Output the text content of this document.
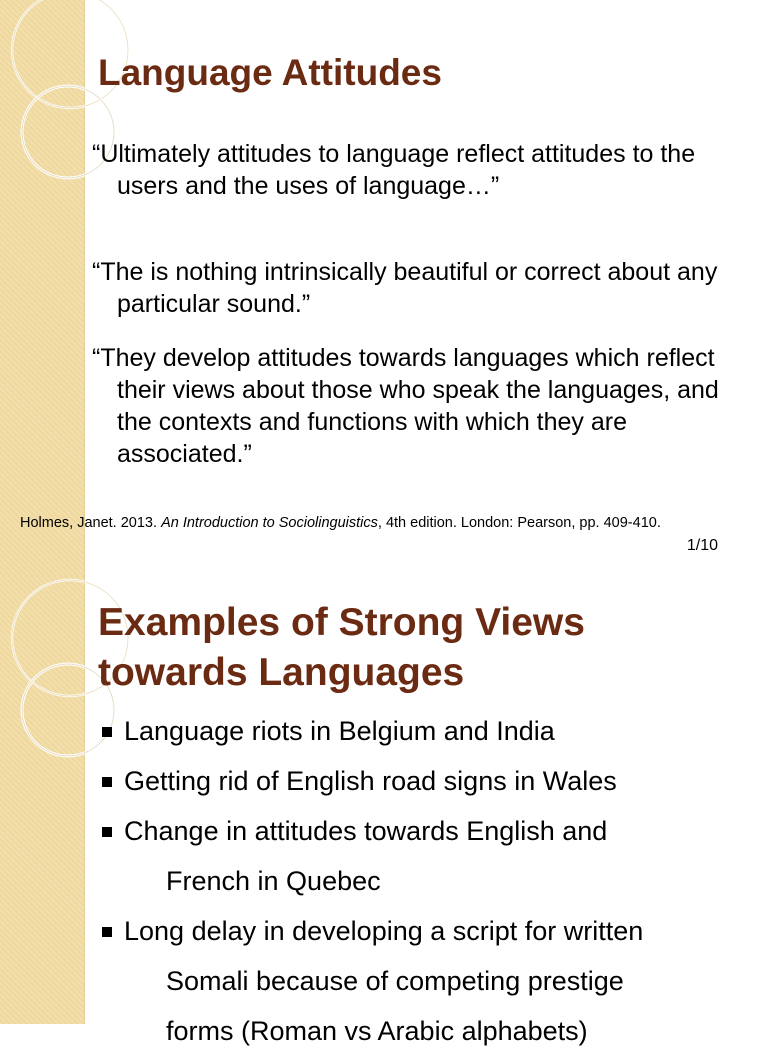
Language Attitudes

“Ultimately attitudes to language reflect attitudes to the users and the uses of language…”

“The is nothing intrinsically beautiful or correct about any particular sound.”

“They develop attitudes towards languages which reflect their views about those who speak the languages, and the contexts and functions with which they are associated.”

Holmes, Janet. 2013. An Introduction to Sociolinguistics, 4th edition. London: Pearson, pp. 409-410.

1/10
Examples of Strong Views
towards Languages
Language riots in Belgium and India
Getting rid of English road signs in Wales
Change in attitudes towards English and
French in Quebec
Long delay in developing a script for written
Somali because of competing prestige
forms (Roman vs Arabic alphabets)
